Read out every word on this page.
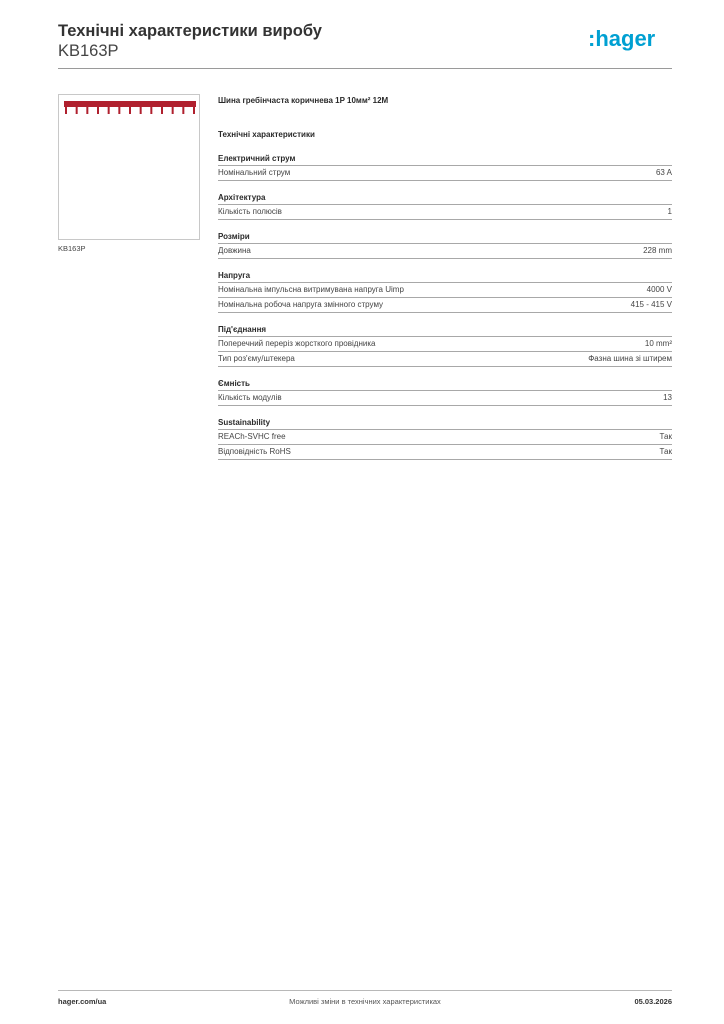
Технічні характеристики виробу
KB163P	:hager
KB163P
Шина гребінчаста коричнева 1P 10мм² 12M
Технічні характеристики
Електричний струм
Номінальний струм	63 A
Архітектура
Кількість полюсів	1
Розміри
Довжина	228 mm
Напруга
Номінальна імпульсна витримувана напруга Uimp	4000 V
Номінальна робоча напруга змінного струму	415 - 415 V
Під'єднання
Поперечний переріз жорсткого провідника	10 mm²
Тип роз'єму/штекера	Фазна шина зі штирем
Ємність
Кількість модулів	13
Sustainability
REACh-SVHC free	Так
Відповідність RoHS	Так
hager.com/ua	Можливі зміни в технічних характеристиках	05.03.2026
